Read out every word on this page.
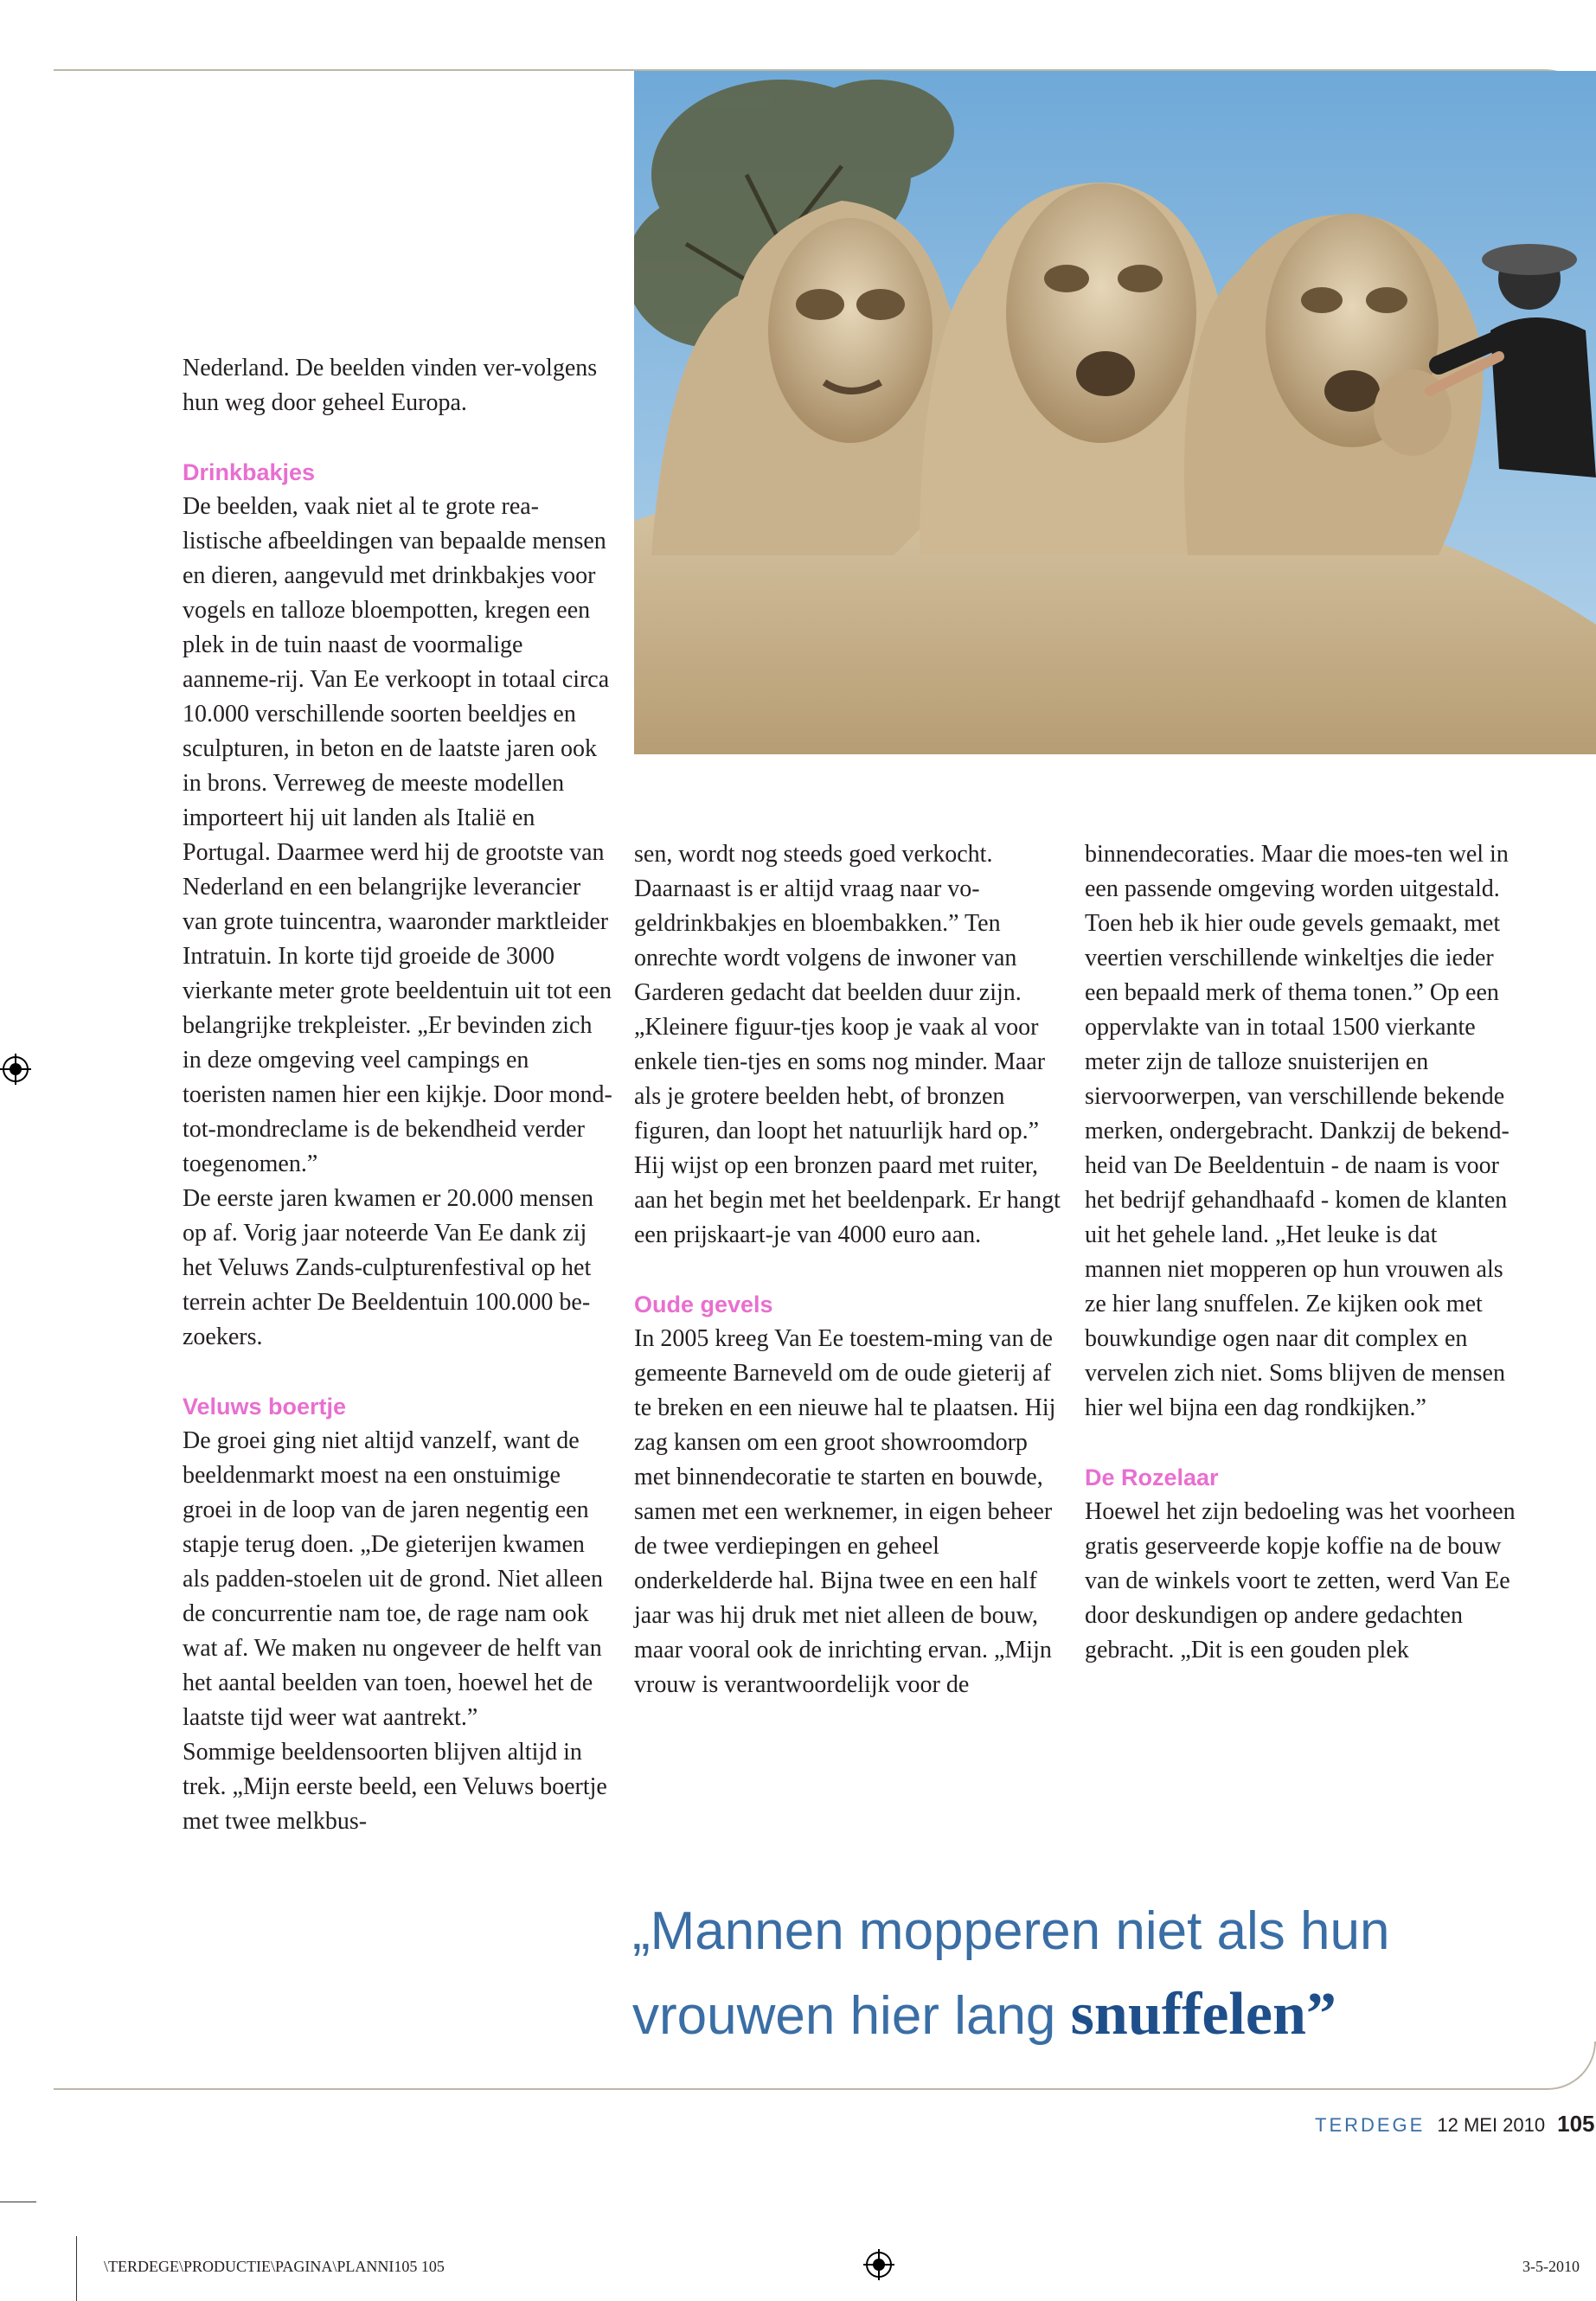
Nederland. De beelden vinden ver-volgens hun weg door geheel Europa.

Drinkbakjes

De beelden, vaak niet al te grote rea-listische afbeeldingen van bepaalde mensen en dieren, aangevuld met drinkbakjes voor vogels en talloze bloempotten, kregen een plek in de tuin naast de voormalige aanneme-rij. Van Ee verkoopt in totaal circa 10.000 verschillende soorten beeldjes en sculpturen, in beton en de laatste jaren ook in brons. Verreweg de meeste modellen importeert hij uit landen als Italië en Portugal. Daarmee werd hij de grootste van Nederland en een belangrijke leverancier van grote tuincentra, waaronder marktleider Intratuin. In korte tijd groeide de 3000 vierkante meter grote beeldentuin uit tot een belangrijke trekpleister. „Er bevinden zich in deze omgeving veel campings en toeristen namen hier een kijkje. Door mond-tot-mondreclame is de bekendheid verder toegenomen.”

De eerste jaren kwamen er 20.000 mensen op af. Vorig jaar noteerde Van Ee dank zij het Veluws Zands-culpturenfestival op het terrein achter De Beeldentuin 100.000 be-zoekers.

Veluws boertje

De groei ging niet altijd vanzelf, want de beeldenmarkt moest na een onstuimige groei in de loop van de jaren negentig een stapje terug doen. „De gieterijen kwamen als padden-stoelen uit de grond. Niet alleen de concurrentie nam toe, de rage nam ook wat af. We maken nu ongeveer de helft van het aantal beelden van toen, hoewel het de laatste tijd weer wat aantrekt.”

Sommige beeldensoorten blijven altijd in trek. „Mijn eerste beeld, een Veluws boertje met twee melkbus-

sen, wordt nog steeds goed verkocht. Daarnaast is er altijd vraag naar vo-geldrinkbakjes en bloembakken.” Ten onrechte wordt volgens de inwoner van Garderen gedacht dat beelden duur zijn. „Kleinere figuur-tjes koop je vaak al voor enkele tien-tjes en soms nog minder. Maar als je grotere beelden hebt, of bronzen figuren, dan loopt het natuurlijk hard op.” Hij wijst op een bronzen paard met ruiter, aan het begin met het beeldenpark. Er hangt een prijskaart-je van 4000 euro aan.

Oude gevels

In 2005 kreeg Van Ee toestem-ming van de gemeente Barneveld om de oude gieterij af te breken en een nieuwe hal te plaatsen. Hij zag kansen om een groot showroomdorp met binnendecoratie te starten en bouwde, samen met een werknemer, in eigen beheer de twee verdiepingen en geheel onderkelderde hal. Bijna twee en een half jaar was hij druk met niet alleen de bouw, maar vooral ook de inrichting ervan. „Mijn vrouw is verantwoordelijk voor de

binnendecoraties. Maar die moes-ten wel in een passende omgeving worden uitgestald. Toen heb ik hier oude gevels gemaakt, met veertien verschillende winkeltjes die ieder een bepaald merk of thema tonen.” Op een oppervlakte van in totaal 1500 vierkante meter zijn de talloze snuisterijen en siervoorwerpen, van verschillende bekende merken, ondergebracht. Dankzij de bekend-heid van De Beeldentuin - de naam is voor het bedrijf gehandhaafd - komen de klanten uit het gehele land. „Het leuke is dat mannen niet mopperen op hun vrouwen als ze hier lang snuffelen. Ze kijken ook met bouwkundige ogen naar dit complex en vervelen zich niet. Soms blijven de mensen hier wel bijna een dag rondkijken.”

De Rozelaar

Hoewel het zijn bedoeling was het voorheen gratis geserveerde kopje koffie na de bouw van de winkels voort te zetten, werd Van Ee door deskundigen op andere gedachten gebracht. „Dit is een gouden plek

„Mannen mopperen niet als hun
vrouwen hier lang snuffelen”
TERDEGE 12 MEI 2010 105
\TERDEGE\PRODUCTIE\PAGINA\PLANNI105 105	3-5-2010
